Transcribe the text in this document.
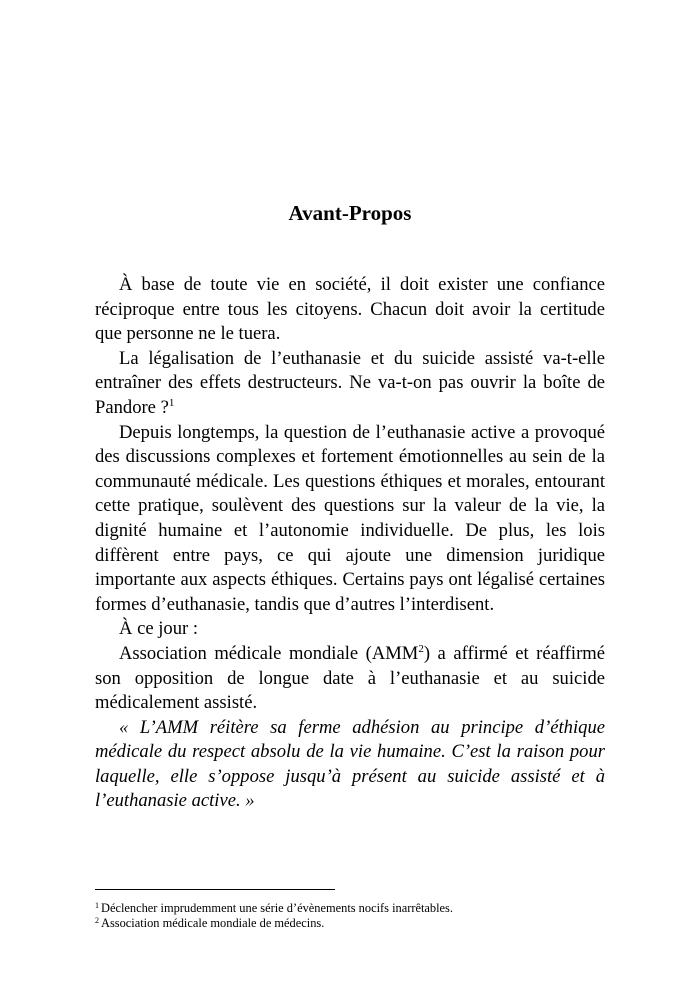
Avant-Propos

À base de toute vie en société, il doit exister une confiance réciproque entre tous les citoyens. Chacun doit avoir la certitude que personne ne le tuera.

La légalisation de l’euthanasie et du suicide assisté va-t-elle entraîner des effets destructeurs. Ne va-t-on pas ouvrir la boîte de Pandore ?$^1$

Depuis longtemps, la question de l’euthanasie active a provoqué des discussions complexes et fortement émotionnelles au sein de la communauté médicale. Les questions éthiques et morales, entourant cette pratique, soulèvent des questions sur la valeur de la vie, la dignité humaine et l’autonomie individuelle. De plus, les lois diffèrent entre pays, ce qui ajoute une dimension juridique importante aux aspects éthiques. Certains pays ont légalisé certaines formes d’euthanasie, tandis que d’autres l’interdisent.

À ce jour :

Association médicale mondiale (AMM$^2$) a affirmé et réaffirmé son opposition de longue date à l’euthanasie et au suicide médicalement assisté.

« L’AMM réitère sa ferme adhésion au principe d’éthique médicale du respect absolu de la vie humaine. C’est la raison pour laquelle, elle s’oppose jusqu’à présent au suicide assisté et à l’euthanasie active. »

$^1$ Déclencher imprudemment une série d’évènements nocifs inarrêtables.
$^2$ Association médicale mondiale de médecins.
